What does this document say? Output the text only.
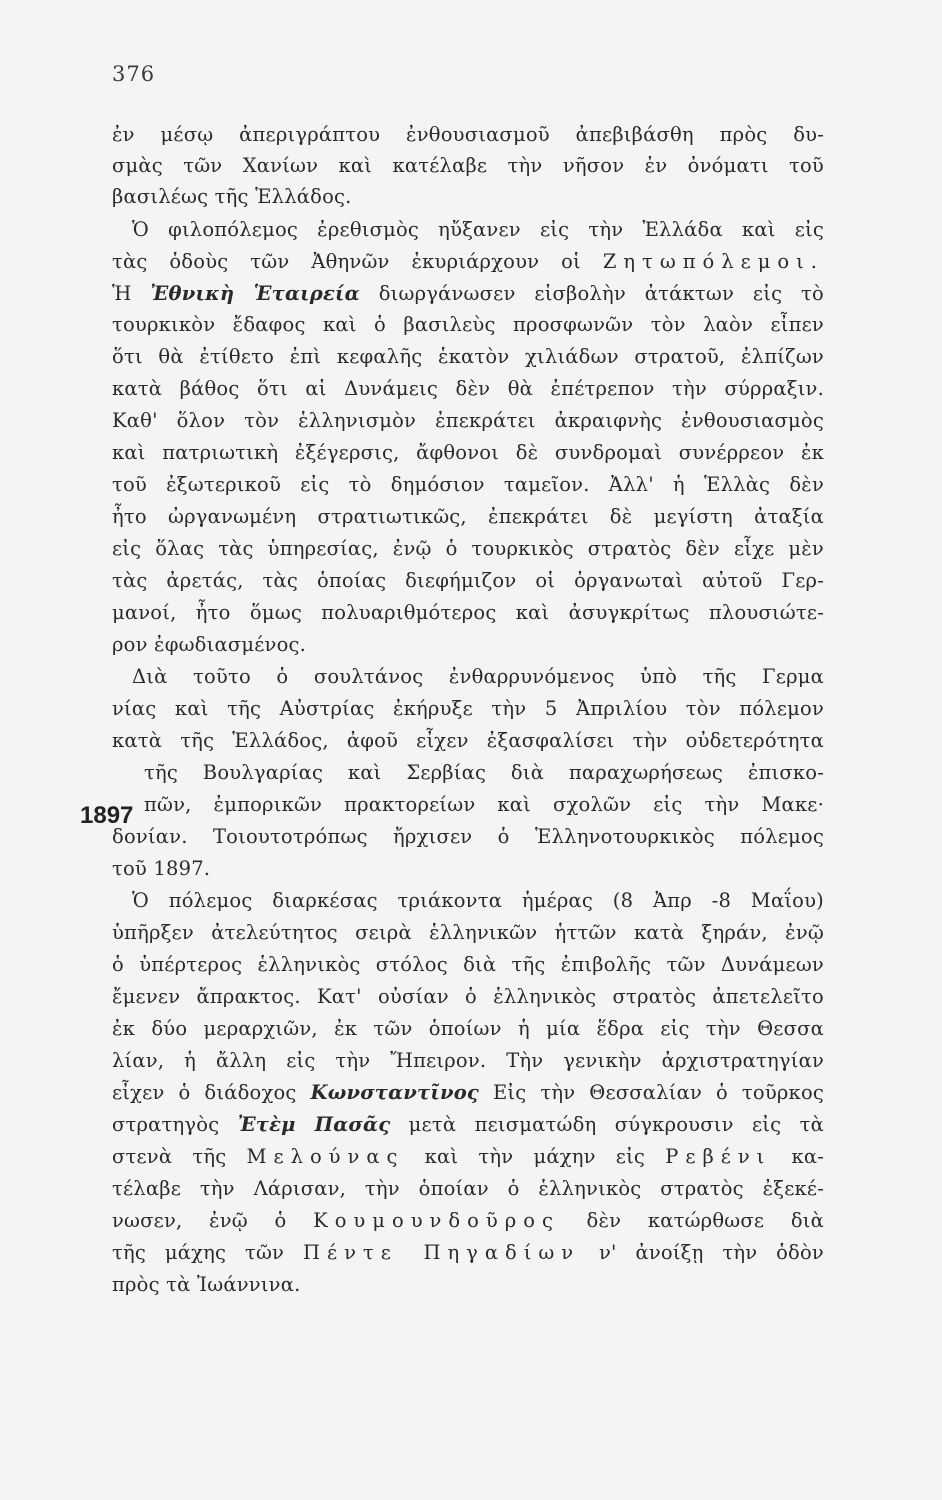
376
1897
ἐν μέσῳ ἀπεριγράπτου ἐνθουσιασμοῦ ἀπεβιβάσθη πρὸς δυ-
σμὰς τῶν Χανίων καὶ κατέλαβε τὴν νῆσον ἐν ὀνόματι τοῦ
βασιλέως τῆς Ἑλλάδος.
Ὁ φιλοπόλεμος ἐρεθισμὸς ηὔξανεν εἰς τὴν Ἑλλάδα καὶ εἰς
τὰς ὁδοὺς τῶν Ἀθηνῶν ἐκυριάρχουν οἱ Ζητωπόλεμοι.
Ἡ Ἐθνικὴ Ἑταιρεία διωργάνωσεν εἰσβολὴν ἀτάκτων εἰς τὸ
τουρκικὸν ἔδαφος καὶ ὁ βασιλεὺς προσφωνῶν τὸν λαὸν εἶπεν
ὅτι θὰ ἐτίθετο ἐπὶ κεφαλῆς ἑκατὸν χιλιάδων στρατοῦ, ἐλπίζων
κατὰ βάθος ὅτι αἱ Δυνάμεις δὲν θὰ ἐπέτρεπον τὴν σύρραξιν.
Καθ' ὅλον τὸν ἑλληνισμὸν ἐπεκράτει ἀκραιφνὴς ἐνθουσιασμὸς
καὶ πατριωτικὴ ἐξέγερσις, ἄφθονοι δὲ συνδρομαὶ συνέρρεον ἐκ
τοῦ ἐξωτερικοῦ εἰς τὸ δημόσιον ταμεῖον. Ἀλλ' ἡ Ἑλλὰς δὲν
ἦτο ὠργανωμένη στρατιωτικῶς, ἐπεκράτει δὲ μεγίστη ἀταξία
εἰς ὅλας τὰς ὑπηρεσίας, ἐνῷ ὁ τουρκικὸς στρατὸς δὲν εἶχε μὲν
τὰς ἀρετάς, τὰς ὁποίας διεφήμιζον οἱ ὀργανωταὶ αὐτοῦ Γερ-
μανοί, ἦτο ὅμως πολυαριθμότερος καὶ ἀσυγκρίτως πλουσιώτε-
ρον ἐφωδιασμένος.
Διὰ τοῦτο ὁ σουλτάνος ἐνθαρρυνόμενος ὑπὸ τῆς Γερμα
νίας καὶ τῆς Αὐστρίας ἐκήρυξε τὴν 5 Ἀπριλίου τὸν πόλεμον
κατὰ τῆς Ἑλλάδος, ἀφοῦ εἶχεν ἐξασφαλίσει τὴν οὐδετερότητα
τῆς Βουλγαρίας καὶ Σερβίας διὰ παραχωρήσεως ἐπισκο-
πῶν, ἐμπορικῶν πρακτορείων καὶ σχολῶν εἰς τὴν Μακε·
δονίαν. Τοιουτοτρόπως ἤρχισεν ὁ Ἑλληνοτουρκικὸς πόλεμος
τοῦ 1897.
Ὁ πόλεμος διαρκέσας τριάκοντα ἡμέρας (8 Ἀπρ -8 Μαΐου)
ὑπῆρξεν ἀτελεύτητος σειρὰ ἑλληνικῶν ἡττῶν κατὰ ξηράν, ἐνῷ
ὁ ὑπέρτερος ἑλληνικὸς στόλος διὰ τῆς ἐπιβολῆς τῶν Δυνάμεων
ἔμενεν ἄπρακτος. Κατ' οὐσίαν ὁ ἑλληνικὸς στρατὸς ἀπετελεῖτο
ἐκ δύο μεραρχιῶν, ἐκ τῶν ὁποίων ἡ μία ἕδρα εἰς τὴν Θεσσα
λίαν, ἡ ἄλλη εἰς τὴν Ἤπειρον. Τὴν γενικὴν ἀρχιστρατηγίαν
εἶχεν ὁ διάδοχος Κωνσταντῖνος Εἰς τὴν Θεσσαλίαν ὁ τοῦρκος
στρατηγὸς Ἐτὲμ Πασᾶς μετὰ πεισματώδη σύγκρουσιν εἰς τὰ
στενὰ τῆς Μελούνας καὶ τὴν μάχην εἰς Ρεβένι κα-
τέλαβε τὴν Λάρισαν, τὴν ὁποίαν ὁ ἑλληνικὸς στρατὸς ἐξεκέ-
νωσεν, ἐνῷ ὁ Κουμουνδοῦρος δὲν κατώρθωσε διὰ
τῆς μάχης τῶν Πέντε Πηγαδίων ν' ἀνοίξῃ τὴν ὁδὸν
πρὸς τὰ Ἰωάννινα.
